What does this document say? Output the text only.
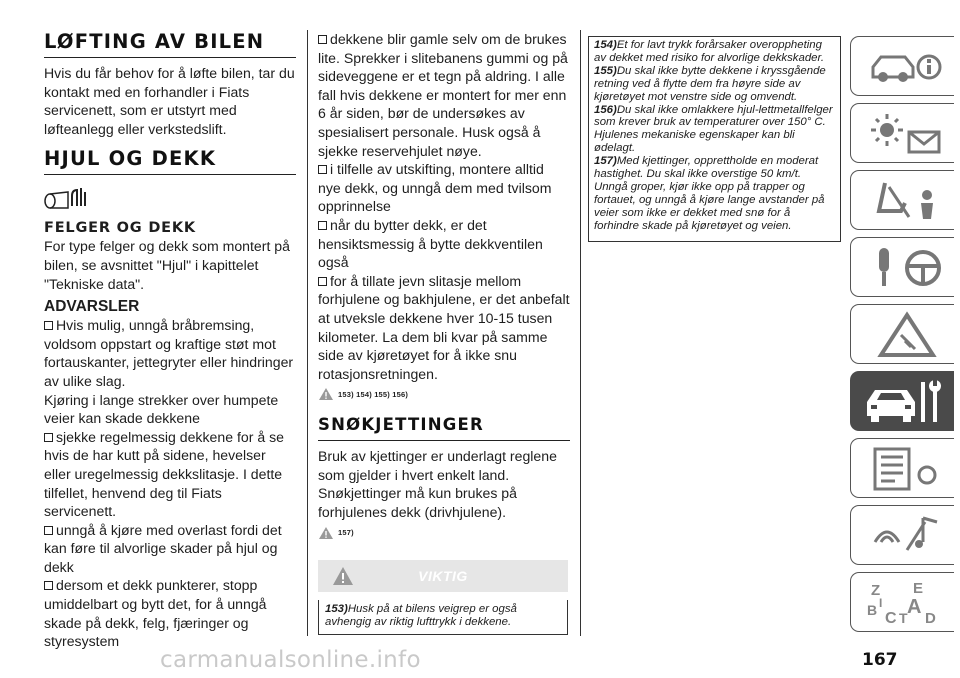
LØFTING AV BILEN

Hvis du får behov for å løfte bilen, tar du kontakt med en forhandler i Fiats servicenett, som er utstyrt med løfteanlegg eller verkstedslift.

HJUL OG DEKK
FELGER OG DEKK

For type felger og dekk som montert på bilen, se avsnittet "Hjul" i kapittelet "Tekniske data".

ADVARSLER

Hvis mulig, unngå bråbremsing, voldsom oppstart og kraftige støt mot fortauskanter, jettegryter eller hindringer av ulike slag.

Kjøring i lange strekker over humpete veier kan skade dekkene

sjekke regelmessig dekkene for å se hvis de har kutt på sidene, hevelser eller uregelmessig dekkslitasje. I dette tilfellet, henvend deg til Fiats servicenett.

unngå å kjøre med overlast fordi det kan føre til alvorlige skader på hjul og dekk

dersom et dekk punkterer, stopp umiddelbart og bytt det, for å unngå skade på dekk, felg, fjæringer og styresystem

dekkene blir gamle selv om de brukes lite. Sprekker i slitebanens gummi og på sideveggene er et tegn på aldring. I alle fall hvis dekkene er montert for mer enn 6 år siden, bør de undersøkes av spesialisert personale. Husk også å sjekke reservehjulet nøye.

i tilfelle av utskifting, montere alltid nye dekk, og unngå dem med tvilsom opprinnelse

når du bytter dekk, er det hensiktsmessig å bytte dekkventilen også

for å tillate jevn slitasje mellom forhjulene og bakhjulene, er det anbefalt at utveksle dekkene hver 10-15 tusen kilometer. La dem bli kvar på samme side av kjøretøyet for å ikke snu rotasjonsretningen.

153) 154) 155) 156)
SNØKJETTINGER

Bruk av kjettinger er underlagt reglene som gjelder i hvert enkelt land. Snøkjettinger må kun brukes på forhjulenes dekk (drivhjulene).

157)
VIKTIG

153)Husk på at bilens veigrep er også avhengig av riktig lufttrykk i dekkene.

154)Et for lavt trykk forårsaker overoppheting av dekket med risiko for alvorlige dekkskader.

155)Du skal ikke bytte dekkene i kryssgående retning ved å flytte dem fra høyre side av kjøretøyet mot venstre side og omvendt.

156)Du skal ikke omlakkere hjul-lettmetallfelger som krever bruk av temperaturer over 150° C. Hjulenes mekaniske egenskaper kan bli ødelagt.

157)Med kjettinger, opprettholde en moderat hastighet. Du skal ikke overstige 50 km/t. Unngå groper, kjør ikke opp på trapper og fortauet, og unngå å kjøre lange avstander på veier som ikke er dekket med snø for å forhindre skade på kjøretøyet og veien.

Z E
A
B C D
I
T
167
carmanualsonline.info
